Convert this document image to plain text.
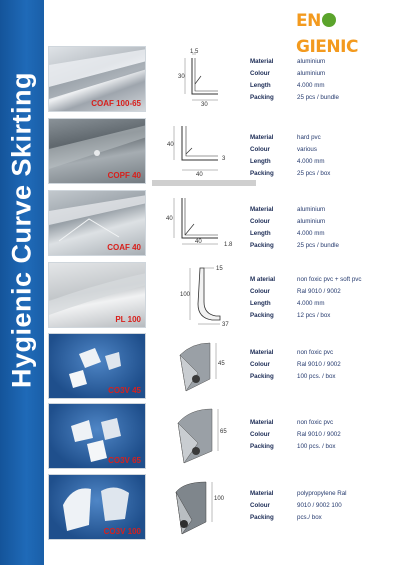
Hygienic Curve Skirting
ENGIENIC
COAF 100-65
1.5
30
30
Material	aluminium
Colour	aluminium
Length	4.000 mm
Packing	25 pcs / bundle
COPF 40
40
3
40
Material	hard pvc
Colour	various
Length	4.000 mm
Packing	25 pcs / box
COAF 40
40
40	1.8
Material	aluminium
Colour	aluminium
Length	4.000 mm
Packing	25 pcs / bundle
PL 100
15
100
37
M aterial	non foxic pvc + soft pvc
Colour	Ral 9010 / 9002
Length	4.000 mm
Packing	12 pcs / box
CO3V 45
45
Material	non foxic pvc
Colour	Ral 9010 / 9002
Packing	100 pcs. / box
CO3V 65
65
Material	non foxic pvc
Colour	Ral 9010 / 9002
Packing	100 pcs. / box
CO3V 100
100
Material	polypropylene Ral
Colour	9010 / 9002 100
Packing	pcs./ box
